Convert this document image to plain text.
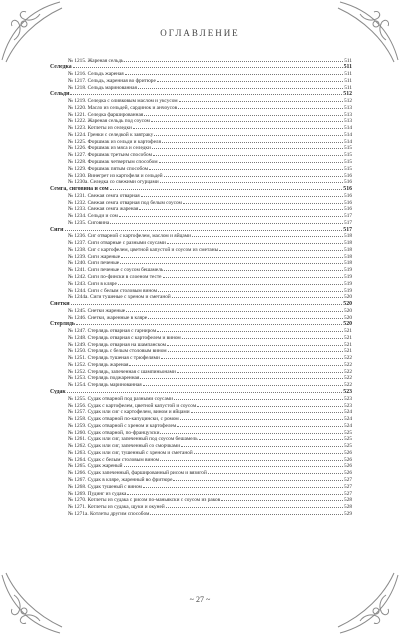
ОГЛАВЛЕНИЕ
№ 1215. Жареная сельдь	511
Селедка	511
№ 1216. Сельдь жареная	511
№ 1217. Сельдь, жаренная во фритюре	511
№ 1218. Сельдь маринованная	511
Сельди	512
№ 1219. Селедка с оливковым маслом и уксусом	512
№ 1220. Масло из сельдей, сардинок и анчоусов	513
№ 1221. Селедка фаршированная	513
№ 1222. Жареная сельдь под соусом	513
№ 1223. Котлеты из селедки	514
№ 1224. Гренки с селедкой к завтраку	514
№ 1225. Форшмак из сельди и картофеля	514
№ 1226. Форшмак из мяса и селедки	515
№ 1227. Форшмак третьим способом	515
№ 1228. Форшмак четвертым способом	515
№ 1229. Форшмак пятым способом	515
№ 1230. Винегрет из картофеля и сельдей	516
№ 1230а. Селедка со свежими огурцами	516
Семга, сиговина и сом	516
№ 1231. Свежая семга отварная	516
№ 1232. Свежая семга отварная под белым соусом	516
№ 1233. Свежая семга жареная	516
№ 1234. Сельди и сом	517
№ 1235. Сиговина	517
Сиги	517
№ 1236. Сиг отварной с картофелем, маслом и яйцами	518
№ 1237. Сиги отварные с разными соусами	518
№ 1238. Сиг с картофелем, цветной капустой и соусом из сметаны	518
№ 1239. Сиги жареные	518
№ 1240. Сиги печеные	518
№ 1241. Сиги печеные с соусом бешамель	519
№ 1242. Сиги по-фински в слоеном тесте	519
№ 1243. Сиги в кляре	519
№ 1244. Сиги с белым столовым вином	519
№ 1244а. Сиги тушеные с хреном и сметаной	520
Снетки	520
№ 1245. Снетки жареные	520
№ 1246. Снетки, жаренные в кляре	520
Стерлядь	520
№ 1247. Стерлядь отварная с гарниром	521
№ 1248. Стерлядь отварная с картофелем и вином	521
№ 1249. Стерлядь отварная на шампанском	521
№ 1250. Стерлядь с белым столовым вином	521
№ 1251. Стерлядь тушеная с трюфелями	522
№ 1252. Стерлядь жареная	522
№ 1252. Стерлядь, запеченная с шампиньонами	522
№ 1253. Стерлядь поджаренная	522
№ 1254. Стерлядь маринованная	522
Судак	523
№ 1255. Судак отварной под разными соусами	523
№ 1256. Судак с картофелем, цветной капустой и соусом	523
№ 1257. Судак или сиг с картофелем, вином и яйцами	524
№ 1258. Судак отварной по-капуцински, с ромом	524
№ 1259. Судак отварной с хреном и картофелем	524
№ 1260. Судак отварной, по-французски	525
№ 1261. Судак или сиг, запеченный под соусом бешамель	525
№ 1262. Судак или сиг, запеченный со сморчками	525
№ 1263. Судак или сиг, тушенный с хреном и сметаной	526
№ 1264. Судак с белым столовым вином	526
№ 1265. Судак жареный	526
№ 1266. Судак запеченный, фаршированный рисом и вязигой	526
№ 1267. Судак в кляре, жаренный во фритюре	527
№ 1268. Судак тушеный с вином	527
№ 1269. Пудинг из судака	527
№ 1270. Котлеты из судака с рисом по-маньякски с соусом из раков	528
№ 1271. Котлеты из судака, щуки и окуней	528
№ 1271а. Котлеты другим способом	529
~ 27 ~
